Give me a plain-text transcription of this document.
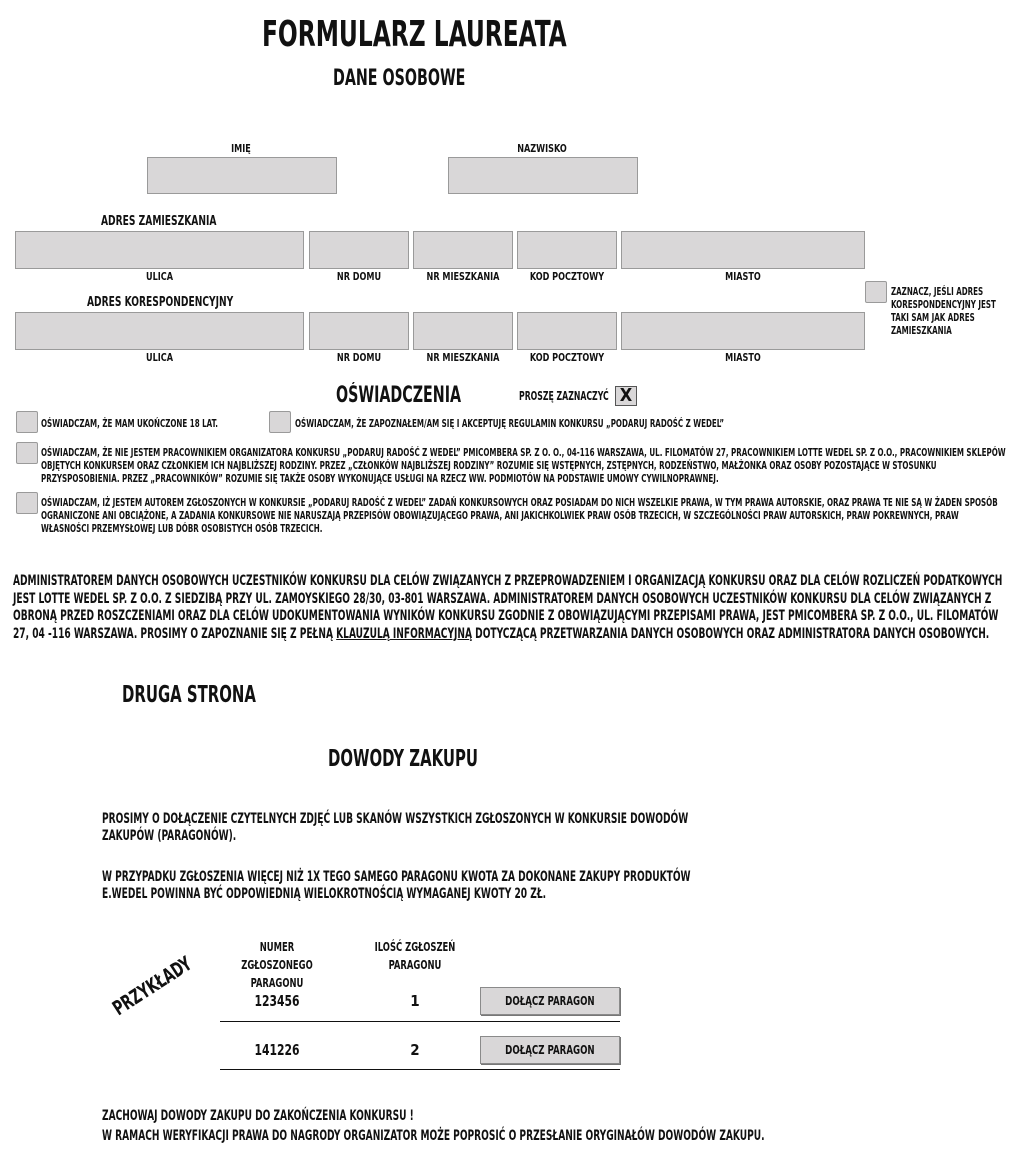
FORMULARZ LAUREATA
DANE OSOBOWE
IMIĘ	NAZWISKO
ADRES ZAMIESZKANIA
ULICA	NR DOMU	NR MIESZKANIA	KOD POCZTOWY	MIASTO
ZAZNACZ, JEŚLI ADRES KORESPONDENCYJNY JEST TAKI SAM JAK ADRES ZAMIESZKANIA
ADRES KORESPONDENCYJNY
ULICA	NR DOMU	NR MIESZKANIA	KOD POCZTOWY	MIASTO
OŚWIADCZENIA	PROSZĘ ZAZNACZYĆ X
OŚWIADCZAM, ŻE MAM UKOŃCZONE 18 LAT.	OŚWIADCZAM, ŻE ZAPOZNAŁEM/AM SIĘ I AKCEPTUJĘ REGULAMIN KONKURSU „PODARUJ RADOŚĆ Z WEDEL”
OŚWIADCZAM, ŻE NIE JESTEM PRACOWNIKIEM ORGANIZATORA KONKURSU „PODARUJ RADOŚĆ Z WEDEL” PMICOMBERA SP. Z O. O., 04-116 WARSZAWA, UL. FILOMATÓW 27, PRACOWNIKIEM LOTTE WEDEL SP. Z O.O., PRACOWNIKIEM SKLEPÓW OBJĘTYCH KONKURSEM ORAZ CZŁONKIEM ICH NAJBLIŻSZEJ RODZINY. PRZEZ „CZŁONKÓW NAJBLIŻSZEJ RODZINY” ROZUMIE SIĘ WSTĘPNYCH, ZSTĘPNYCH, RODZEŃSTWO, MAŁŻONKA ORAZ OSOBY POZOSTAJĄCE W STOSUNKU PRZYSPOSOBIENIA. PRZEZ „PRACOWNIKÓW” ROZUMIE SIĘ TAKŻE OSOBY WYKONUJĄCE USŁUGI NA RZECZ WW. PODMIOTÓW NA PODSTAWIE UMOWY CYWILNOPRAWNEJ.
OŚWIADCZAM, IŻ JESTEM AUTOREM ZGŁOSZONYCH W KONKURSIE „PODARUJ RADOŚĆ Z WEDEL” ZADAŃ KONKURSOWYCH ORAZ POSIADAM DO NICH WSZELKIE PRAWA, W TYM PRAWA AUTORSKIE, ORAZ PRAWA TE NIE SĄ W ŻADEN SPOSÓB OGRANICZONE ANI OBCIĄŻONE, A ZADANIA KONKURSOWE NIE NARUSZAJĄ PRZEPISÓW OBOWIĄZUJĄCEGO PRAWA, ANI JAKICHKOLWIEK PRAW OSÓB TRZECICH, W SZCZEGÓLNOŚCI PRAW AUTORSKICH, PRAW POKREWNYCH, PRAW WŁASNOŚCI PRZEMYSŁOWEJ LUB DÓBR OSOBISTYCH OSÓB TRZECICH.
ADMINISTRATOREM DANYCH OSOBOWYCH UCZESTNIKÓW KONKURSU DLA CELÓW ZWIĄZANYCH Z PRZEPROWADZENIEM I ORGANIZACJĄ KONKURSU ORAZ DLA CELÓW ROZLICZEŃ PODATKOWYCH JEST LOTTE WEDEL SP. Z O.O. Z SIEDZIBĄ PRZY UL. ZAMOYSKIEGO 28/30, 03-801 WARSZAWA. ADMINISTRATOREM DANYCH OSOBOWYCH UCZESTNIKÓW KONKURSU DLA CELÓW ZWIĄZANYCH Z OBRONĄ PRZED ROSZCZENIAMI ORAZ DLA CELÓW UDOKUMENTOWANIA WYNIKÓW KONKURSU ZGODNIE Z OBOWIĄZUJĄCYMI PRZEPISAMI PRAWA, JEST PMICOMBERA SP. Z O.O., UL. FILOMATÓW 27, 04 -116 WARSZAWA. PROSIMY O ZAPOZNANIE SIĘ Z PEŁNĄ KLAUZULĄ INFORMACYJNĄ DOTYCZĄCĄ PRZETWARZANIA DANYCH OSOBOWYCH ORAZ ADMINISTRATORA DANYCH OSOBOWYCH.
DRUGA STRONA
DOWODY ZAKUPU
PROSIMY O DOŁĄCZENIE CZYTELNYCH ZDJĘĆ LUB SKANÓW WSZYSTKICH ZGŁOSZONYCH W KONKURSIE DOWODÓW ZAKUPÓW (PARAGONÓW).
W PRZYPADKU ZGŁOSZENIA WIĘCEJ NIŻ 1X TEGO SAMEGO PARAGONU KWOTA ZA DOKONANE ZAKUPY PRODUKTÓW E.WEDEL POWINNA BYĆ ODPOWIEDNIĄ WIELOKROTNOŚCIĄ WYMAGANEJ KWOTY 20 ZŁ.
PRZYKŁADY
NUMER ZGŁOSZONEGO PARAGONU
ILOŚĆ ZGŁOSZEŃ PARAGONU
123456	1	DOŁĄCZ PARAGON
141226	2	DOŁĄCZ PARAGON
ZACHOWAJ DOWODY ZAKUPU DO ZAKOŃCZENIA KONKURSU !
W RAMACH WERYFIKACJI PRAWA DO NAGRODY ORGANIZATOR MOŻE POPROSIĆ O PRZESŁANIE ORYGINAŁÓW DOWODÓW ZAKUPU.
